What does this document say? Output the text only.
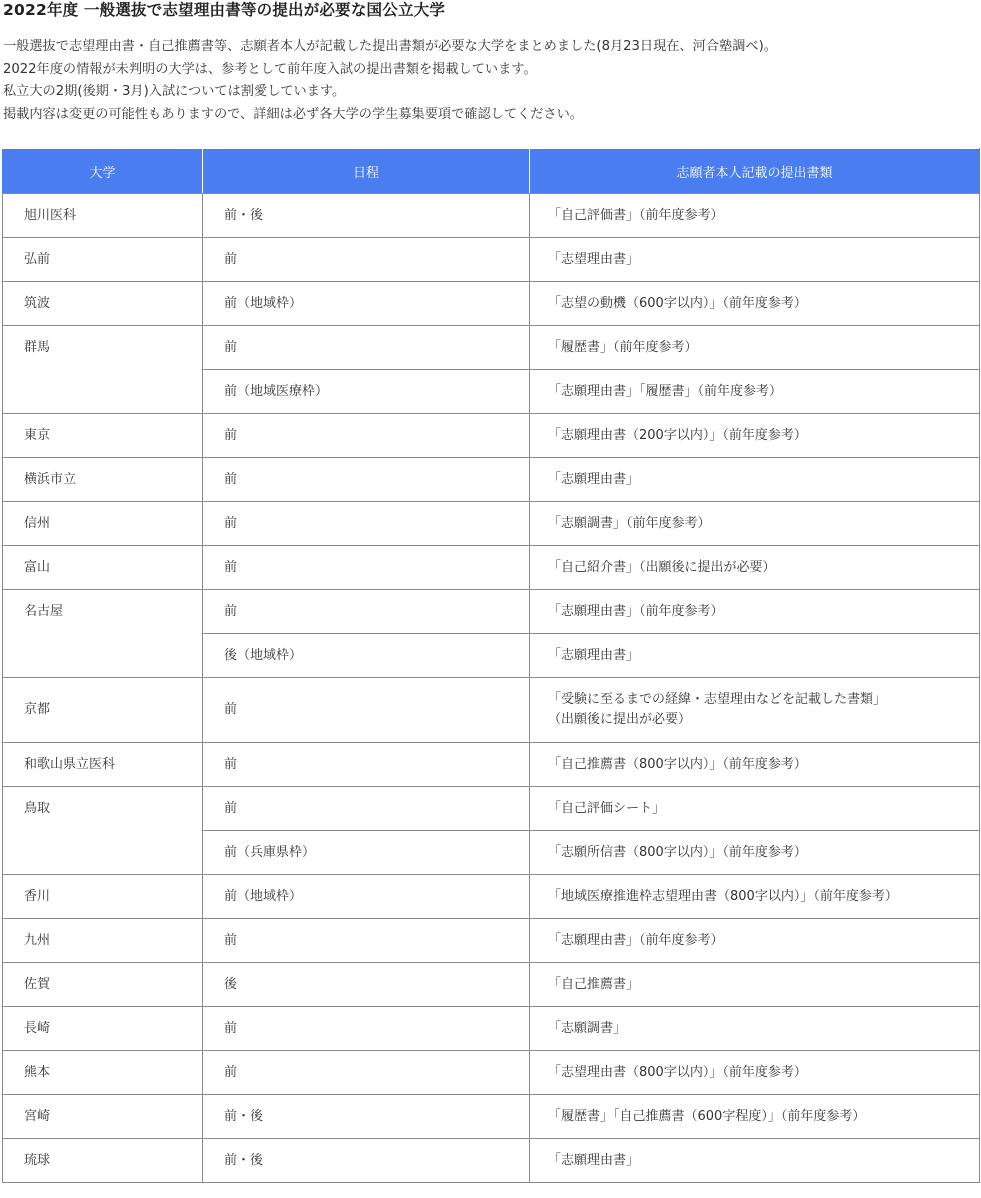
2022年度 一般選抜で志望理由書等の提出が必要な国公立大学

一般選抜で志望理由書・自己推薦書等、志願者本人が記載した提出書類が必要な大学をまとめました(8月23日現在、河合塾調べ)。

2022年度の情報が未判明の大学は、参考として前年度入試の提出書類を掲載しています。

私立大の2期(後期・3月)入試については割愛しています。

掲載内容は変更の可能性もありますので、詳細は必ず各大学の学生募集要項で確認してください。

大学	日程	志願者本人記載の提出書類
旭川医科	前・後	「自己評価書」（前年度参考）

弘前	前	「志望理由書」

筑波	前（地域枠）	「志望の動機（600字以内）」（前年度参考）

群馬	前	「履歴書」（前年度参考）

	前（地域医療枠）	「志願理由書」「履歴書」（前年度参考）

東京	前	「志願理由書（200字以内）」（前年度参考）

横浜市立	前	「志願理由書」

信州	前	「志願調書」（前年度参考）

富山	前	「自己紹介書」（出願後に提出が必要）

名古屋	前	「志願理由書」（前年度参考）

	後（地域枠）	「志願理由書」

京都	前	「受験に至るまでの経緯・志望理由などを記載した書類」
（出願後に提出が必要）

和歌山県立医科	前	「自己推薦書（800字以内）」（前年度参考）

鳥取	前	「自己評価シート」

	前（兵庫県枠）	「志願所信書（800字以内）」（前年度参考）

香川	前（地域枠）	「地域医療推進枠志望理由書（800字以内）」（前年度参考）

九州	前	「志願理由書」（前年度参考）

佐賀	後	「自己推薦書」

長崎	前	「志願調書」

熊本	前	「志望理由書（800字以内）」（前年度参考）

宮崎	前・後	「履歴書」「自己推薦書（600字程度）」（前年度参考）

琉球	前・後	「志願理由書」
